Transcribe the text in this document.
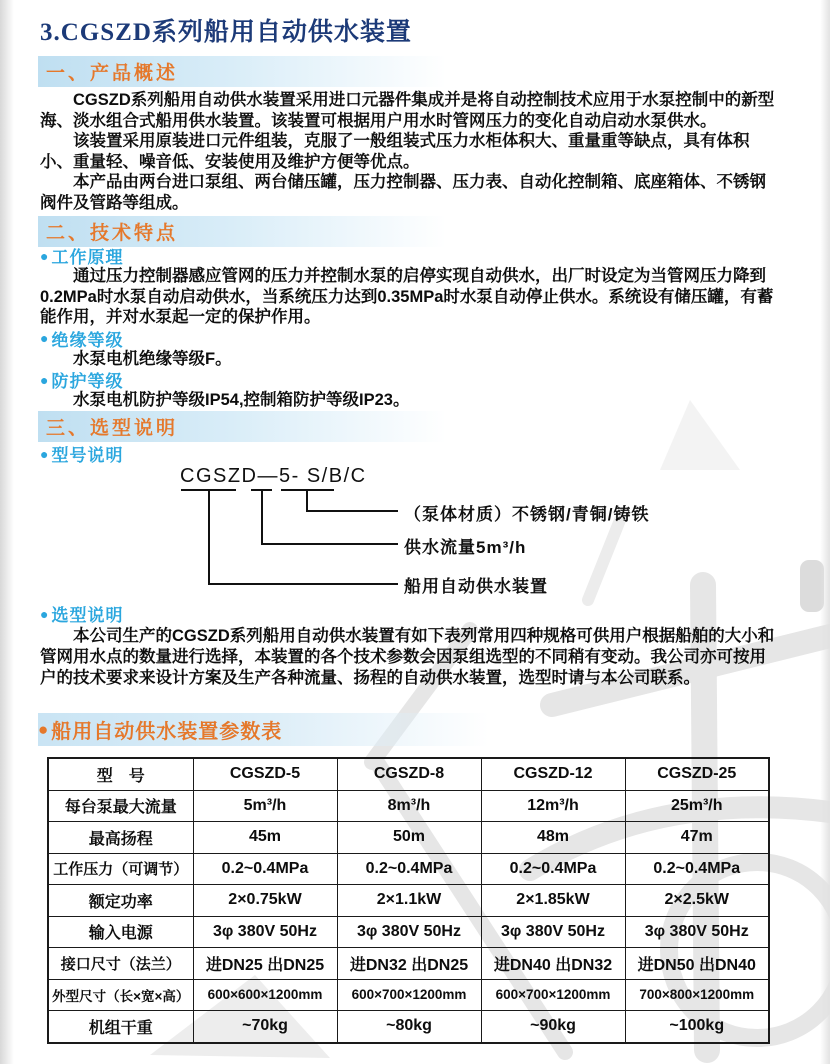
3.CGSZD系列船用自动供水装置
一、产品概述

CGSZD系列船用自动供水装置采用进口元器件集成并是将自动控制技术应用于水泵控制中的新型海、淡水组合式船用供水装置。该装置可根据用户用水时管网压力的变化自动启动水泵供水。

该装置采用原装进口元件组装，克服了一般组装式压力水柜体积大、重量重等缺点，具有体积小、重量轻、噪音低、安装使用及维护方便等优点。

本产品由两台进口泵组、两台储压罐，压力控制器、压力表、自动化控制箱、底座箱体、不锈钢阀件及管路等组成。

二、技术特点
● 工作原理

通过压力控制器感应管网的压力并控制水泵的启停实现自动供水，出厂时设定为当管网压力降到0.2MPa时水泵自动启动供水，当系统压力达到0.35MPa时水泵自动停止供水。系统设有储压罐，有蓄能作用，并对水泵起一定的保护作用。

● 绝缘等级

水泵电机绝缘等级F。

● 防护等级

水泵电机防护等级IP54,控制箱防护等级IP23。

三、选型说明
● 型号说明
CGSZD—5- S/B/C
（泵体材质）不锈钢/青铜/铸铁
供水流量5m³/h
船用自动供水装置
● 选型说明

本公司生产的CGSZD系列船用自动供水装置有如下表列常用四种规格可供用户根据船舶的大小和管网用水点的数量进行选择，本装置的各个技术参数会因泵组选型的不同稍有变动。我公司亦可按用户的技术要求来设计方案及生产各种流量、扬程的自动供水装置，选型时请与本公司联系。

● 船用自动供水装置参数表
型　号	CGSZD-5	CGSZD-8	CGSZD-12	CGSZD-25
每台泵最大流量	5m³/h	8m³/h	12m³/h	25m³/h
最高扬程	45m	50m	48m	47m
工作压力（可调节）	0.2~0.4MPa	0.2~0.4MPa	0.2~0.4MPa	0.2~0.4MPa
额定功率	2×0.75kW	2×1.1kW	2×1.85kW	2×2.5kW
输入电源	3φ 380V 50Hz	3φ 380V 50Hz	3φ 380V 50Hz	3φ 380V 50Hz
接口尺寸（法兰）	进DN25 出DN25	进DN32 出DN25	进DN40 出DN32	进DN50 出DN40
外型尺寸（长×宽×高）	600×600×1200mm	600×700×1200mm	600×700×1200mm	700×800×1200mm
机组干重	~70kg	~80kg	~90kg	~100kg
